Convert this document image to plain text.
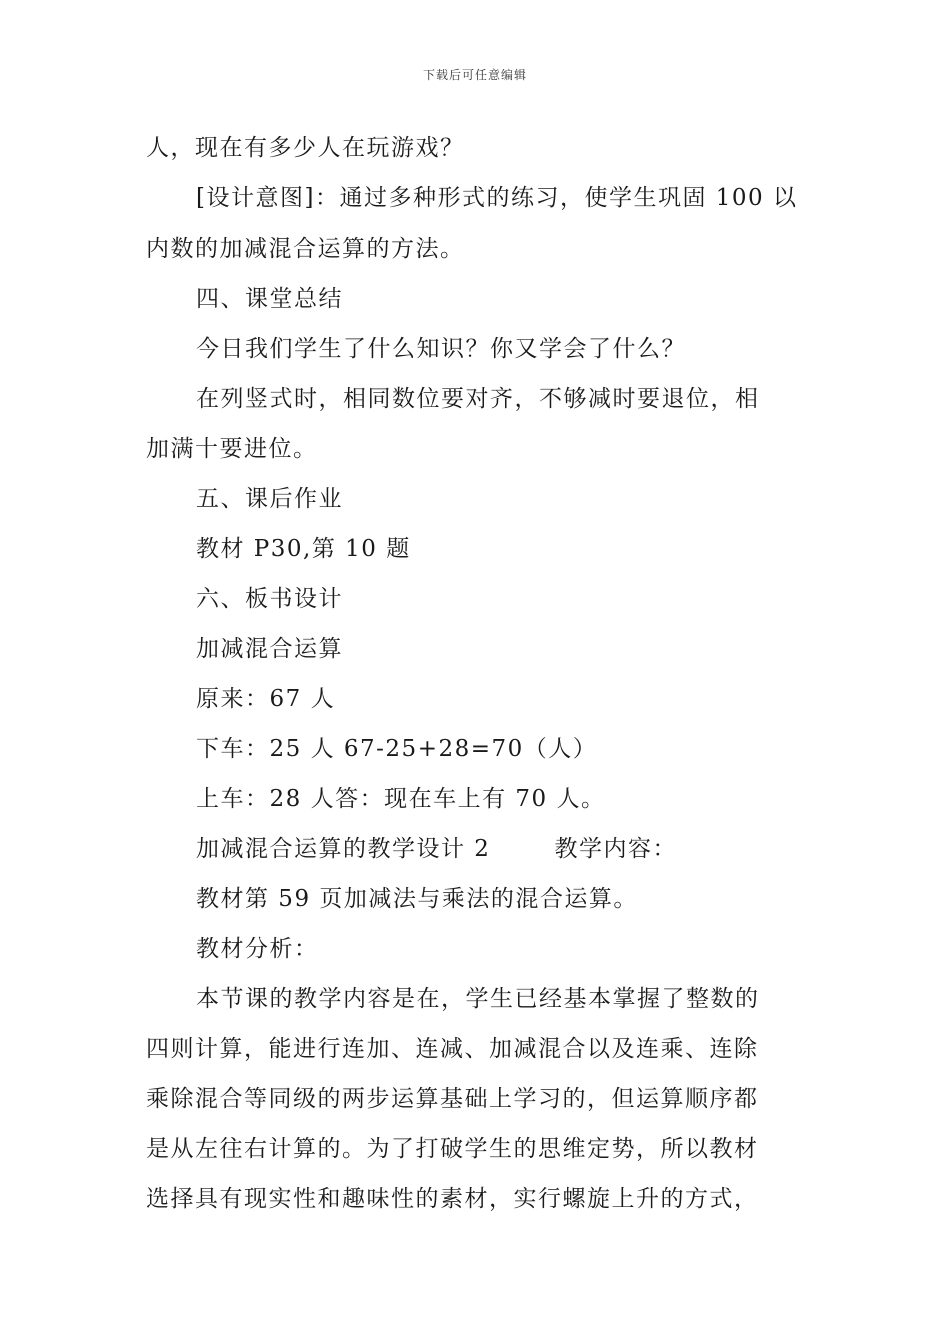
下载后可任意编辑
人，现在有多少人在玩游戏？
[设计意图]：通过多种形式的练习，使学生巩固 100 以
内数的加减混合运算的方法。
四、课堂总结
今日我们学生了什么知识？你又学会了什么？
在列竖式时，相同数位要对齐，不够减时要退位，相
加满十要进位。
五、课后作业
教材 P30,第 10 题
六、板书设计
加减混合运算
原来：67 人
下车：25 人 67-25+28=70（人）
上车：28 人答：现在车上有 70 人。
加减混合运算的教学设计 2	教学内容：
教材第 59 页加减法与乘法的混合运算。
教材分析：
本节课的教学内容是在，学生已经基本掌握了整数的
四则计算，能进行连加、连减、加减混合以及连乘、连除
乘除混合等同级的两步运算基础上学习的，但运算顺序都
是从左往右计算的。为了打破学生的思维定势，所以教材
选择具有现实性和趣味性的素材，实行螺旋上升的方式，
